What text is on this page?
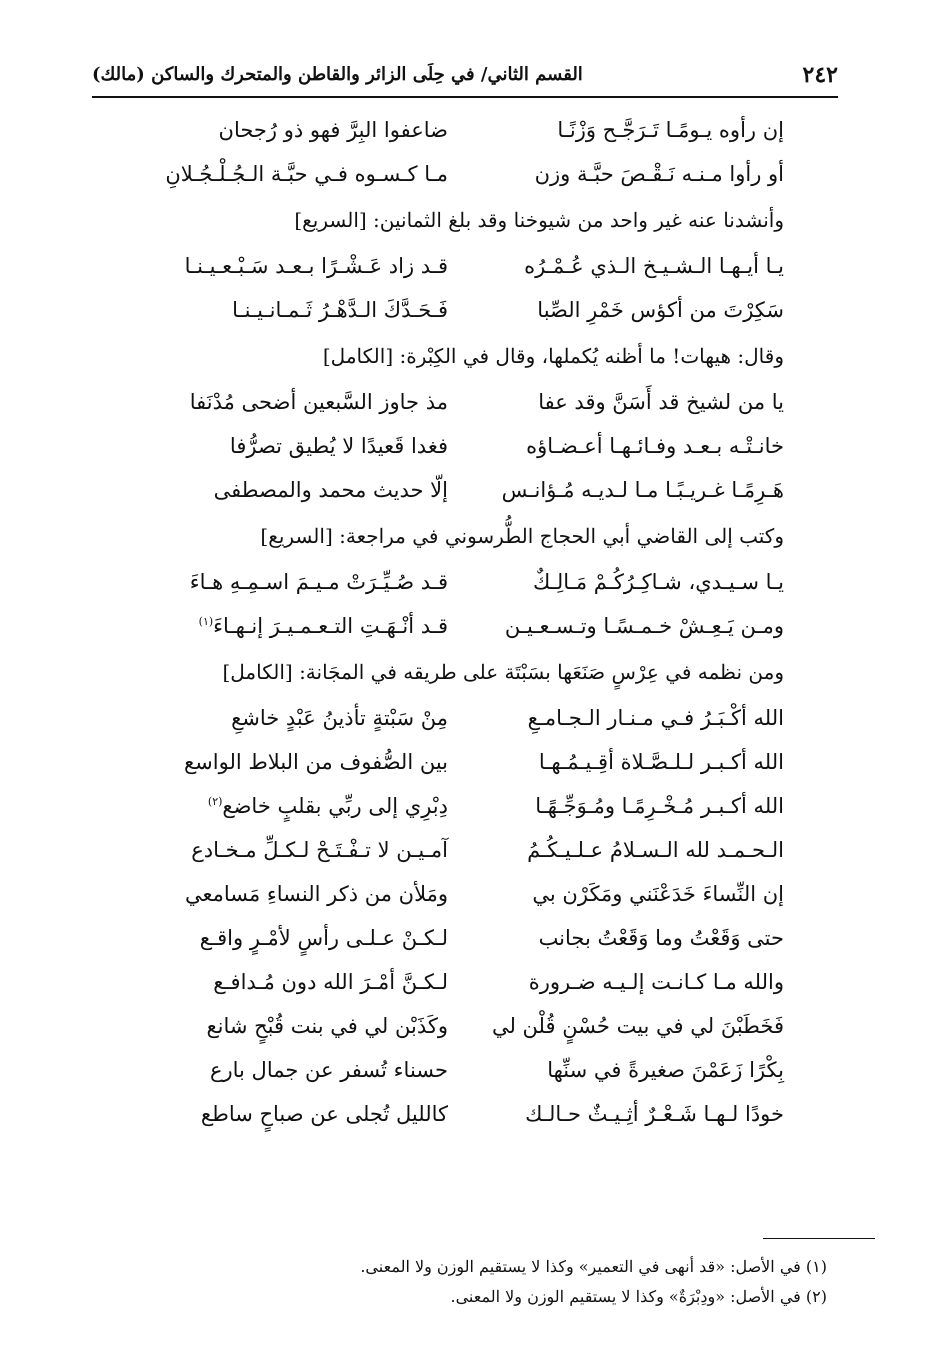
٢٤٢
القسم الثاني/ في حِلَى الزائر والقاطن والمتحرك والساكن (مالك)
إن رأوه يـومًـا تَـرَجَّـح وَزْنًـا
ضاعفوا البِرَّ فهو ذو رُجحان
أو رأوا مـنـه نَـقْـصَ حبَّـة وزن
مـا كـسـوه فـي حبَّـة الـجُـلْـجُـلانِ
وأنشدنا عنه غير واحد من شيوخنا وقد بلغ الثمانين: [السريع]
يـا أيـهـا الـشـيـخ الـذي عُـمْـرُه
قـد زاد عَـشْـرًا بـعـد سَـبْـعـيـنـا
سَكِرْتَ من أكؤس خَمْرِ الصِّبا
فَـحَـدَّكَ الـدَّهْـرُ ثَـمـانـيـنـا
وقال: هيهات! ما أظنه يُكملها، وقال في الكِبْرة: [الكامل]
يا من لشيخ قد أَسَنَّ وقد عفا
مذ جاوز السَّبعين أضحى مُدْنَفا
خانـتْـه بـعـد وفـائـهـا أعـضـاؤه
فغدا قَعيدًا لا يُطيق تصرُّفا
هَـرِمًـا غـريـبًـا مـا لـديـه مُـؤانـس
إلّا حديث محمد والمصطفى
وكتب إلى القاضي أبي الحجاج الطُّرسوني في مراجعة: [السريع]
يـا سـيـدي، شـاكِـرُكُـمْ مَـالِـكٌ
قـد صُـيِّـرَتْ مـيـمَ اسـمِـهِ هـاءَ
ومـن يَـعِـشْ خـمـسًـا وتـسـعـيـن
قـد أنْـهَـتِ التـعـمـيـرَ إنـهـاءَ$^{(١)}$
ومن نظمه في عِرْسٍ صَنَعَها بسَبْتَة على طريقه في المجَانة: [الكامل]
الله أكْـبَـرُ فـي مـنـار الـجـامـعِ
مِنْ سَبْتةٍ تأذينُ عَبْدٍ خاشعِ
الله أكـبـر لـلـصَّـلاة أقِـيـمُـهـا
بين الصُّفوف من البلاط الواسع
الله أكـبـر مُـخْـرِمًـا ومُـوَجِّـهًـا
دِبْرِي إلى ربِّي بقلبٍ خاضع$^{(٢)}$
الـحـمـد لله الـسـلامُ عـلـيـكُـمُ
آمـيـن لا تـفْـتَـحْ لـكـلِّ مـخـادع
إن النِّساءَ خَدَعْنَني ومَكَرْن بي
ومَلأن من ذكر النساءِ مَسامعي
حتى وَقَعْتُ وما وَقَعْتُ بجانب
لـكـنْ عـلـى رأسٍ لأمْـرٍ واقـع
والله مـا كـانـت إلـيـه ضـرورة
لـكـنَّ أمْـرَ الله دون مُـدافـع
فَخَطَبْنَ لي في بيت حُسْنٍ قُلْن لي
وكَذَبْن لي في بنت قُبْحٍ شانع
بِكْرًا زَعَمْنَ صغيرةً في سنِّها
حسناء تُسفر عن جمال بارع
خودًا لـهـا شَـعْـرٌ أثِـيـثٌ حـالـك
كالليل تُجلى عن صباحٍ ساطع
(١) في الأصل: «قد أنهى في التعمير» وكذا لا يستقيم الوزن ولا المعنى.
(٢) في الأصل: «ودِبْرَةٌ» وكذا لا يستقيم الوزن ولا المعنى.
